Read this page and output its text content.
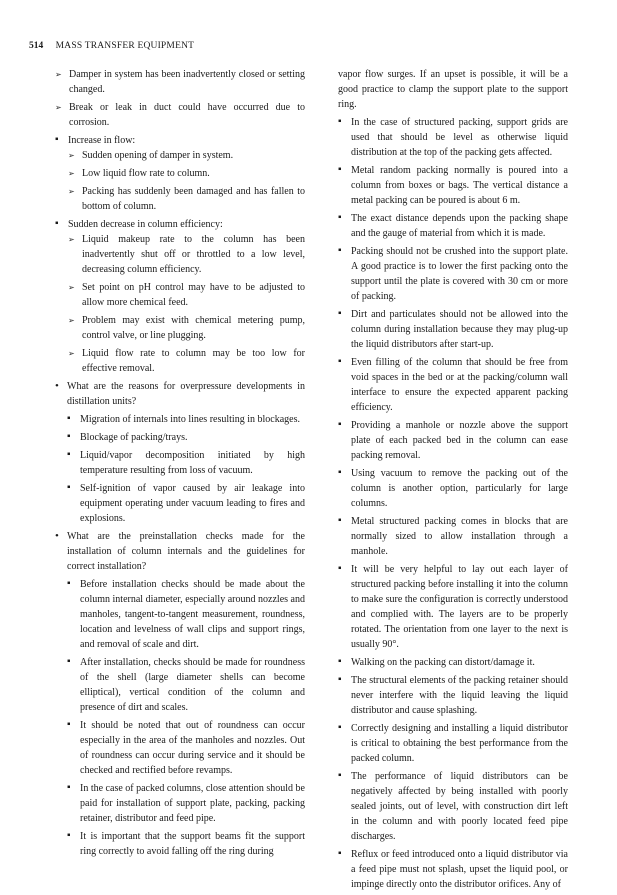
514 MASS TRANSFER EQUIPMENT
➢ Damper in system has been inadvertently closed or setting changed.
➢ Break or leak in duct could have occurred due to corrosion.
▪ Increase in flow:
➢ Sudden opening of damper in system.
➢ Low liquid flow rate to column.
➢ Packing has suddenly been damaged and has fallen to bottom of column.
▪ Sudden decrease in column efficiency:
➢ Liquid makeup rate to the column has been inadvertently shut off or throttled to a low level, decreasing column efficiency.
➢ Set point on pH control may have to be adjusted to allow more chemical feed.
➢ Problem may exist with chemical metering pump, control valve, or line plugging.
➢ Liquid flow rate to column may be too low for effective removal.
• What are the reasons for overpressure developments in distillation units?
▪ Migration of internals into lines resulting in blockages.
▪ Blockage of packing/trays.
▪ Liquid/vapor decomposition initiated by high temperature resulting from loss of vacuum.
▪ Self-ignition of vapor caused by air leakage into equipment operating under vacuum leading to fires and explosions.
• What are the preinstallation checks made for the installation of column internals and the guidelines for correct installation?
▪ Before installation checks should be made about the column internal diameter, especially around nozzles and manholes, tangent-to-tangent measurement, roundness, location and levelness of wall clips and support rings, and removal of scale and dirt.
▪ After installation, checks should be made for roundness of the shell (large diameter shells can become elliptical), vertical condition of the column and presence of dirt and scales.
▪ It should be noted that out of roundness can occur especially in the area of the manholes and nozzles. Out of roundness can occur during service and it should be checked and rectified before revamps.
▪ In the case of packed columns, close attention should be paid for installation of support plate, packing, packing retainer, distributor and feed pipe.
▪ It is important that the support beams fit the support ring correctly to avoid falling off the ring during
vapor flow surges. If an upset is possible, it will be a good practice to clamp the support plate to the support ring.
▪ In the case of structured packing, support grids are used that should be level as otherwise liquid distribution at the top of the packing gets affected.
▪ Metal random packing normally is poured into a column from boxes or bags. The vertical distance a metal packing can be poured is about 6 m.
▪ The exact distance depends upon the packing shape and the gauge of material from which it is made.
▪ Packing should not be crushed into the support plate. A good practice is to lower the first packing onto the support until the plate is covered with 30 cm or more of packing.
▪ Dirt and particulates should not be allowed into the column during installation because they may plug-up the liquid distributors after start-up.
▪ Even filling of the column that should be free from void spaces in the bed or at the packing/column wall interface to ensure the expected apparent packing efficiency.
▪ Providing a manhole or nozzle above the support plate of each packed bed in the column can ease packing removal.
▪ Using vacuum to remove the packing out of the column is another option, particularly for large columns.
▪ Metal structured packing comes in blocks that are normally sized to allow installation through a manhole.
▪ It will be very helpful to lay out each layer of structured packing before installing it into the column to make sure the configuration is correctly understood and complied with. The layers are to be properly rotated. The orientation from one layer to the next is usually 90°.
▪ Walking on the packing can distort/damage it.
▪ The structural elements of the packing retainer should never interfere with the liquid leaving the liquid distributor and cause splashing.
▪ Correctly designing and installing a liquid distributor is critical to obtaining the best performance from the packed column.
▪ The performance of liquid distributors can be negatively affected by being installed with poorly sealed joints, out of level, with construction dirt left in the column and with poorly located feed pipe discharges.
▪ Reflux or feed introduced onto a liquid distributor via a feed pipe must not splash, upset the liquid pool, or impinge directly onto the distributor orifices. Any of
